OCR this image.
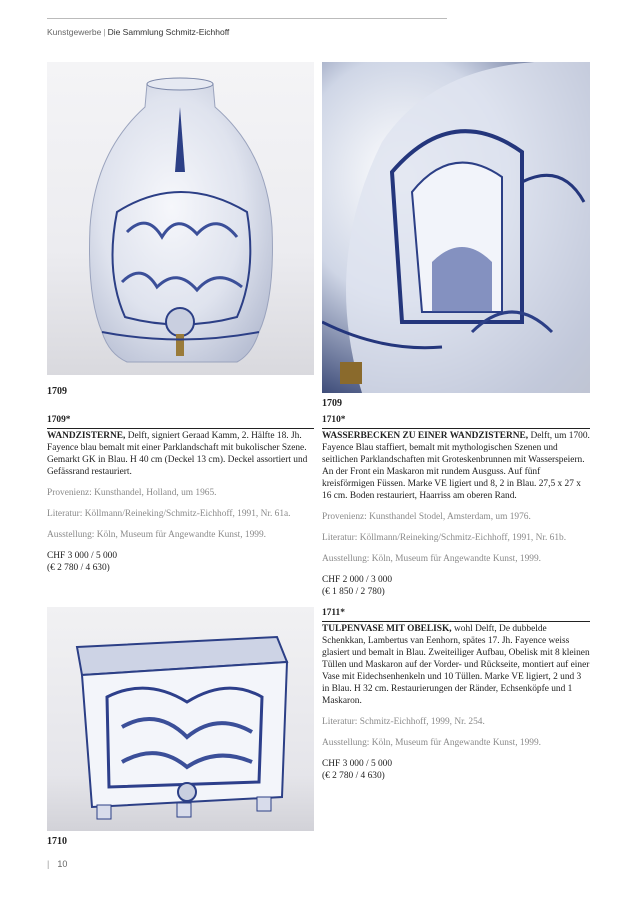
Kunstgewerbe | Die Sammlung Schmitz-Eichhoff
1709
1709
1710
1709*
WANDZISTERNE, Delft, signiert Geraad Kamm, 2. Hälfte 18. Jh. Fayence blau bemalt mit einer Parklandschaft mit bukolischer Szene. Gemarkt GK in Blau. H 40 cm (Deckel 13 cm). Deckel assortiert und Gefässrand restauriert.
Provenienz: Kunsthandel, Holland, um 1965.
Literatur: Köllmann/Reineking/Schmitz-Eichhoff, 1991, Nr. 61a.
Ausstellung: Köln, Museum für Angewandte Kunst, 1999.
CHF 3 000 / 5 000
(€ 2 780 / 4 630)
1710*
WASSERBECKEN ZU EINER WANDZISTERNE, Delft, um 1700. Fayence Blau staffiert, bemalt mit mythologischen Szenen und seitlichen Parklandschaften mit Groteskenbrunnen mit Wasserspeiern. An der Front ein Maskaron mit rundem Ausguss. Auf fünf kreisförmigen Füssen. Marke VE ligiert und 8, 2 in Blau. 27,5 x 27 x 16 cm. Boden restauriert, Haarriss am oberen Rand.
Provenienz: Kunsthandel Stodel, Amsterdam, um 1976.
Literatur: Köllmann/Reineking/Schmitz-Eichhoff, 1991, Nr. 61b.
Ausstellung: Köln, Museum für Angewandte Kunst, 1999.
CHF 2 000 / 3 000
(€ 1 850 / 2 780)
1711*
TULPENVASE MIT OBELISK, wohl Delft, De dubbelde Schenkkan, Lambertus van Eenhorn, spätes 17. Jh. Fayence weiss glasiert und bemalt in Blau. Zweiteiliger Aufbau, Obelisk mit 8 kleinen Tüllen und Maskaron auf der Vorder- und Rückseite, montiert auf einer Vase mit Eidechsenhenkeln und 10 Tüllen. Marke VE ligiert, 2 und 3 in Blau. H 32 cm. Restaurierungen der Ränder, Echsenköpfe und 1 Maskaron.
Literatur: Schmitz-Eichhoff, 1999, Nr. 254.
Ausstellung: Köln, Museum für Angewandte Kunst, 1999.
CHF 3 000 / 5 000
(€ 2 780 / 4 630)
| 10
